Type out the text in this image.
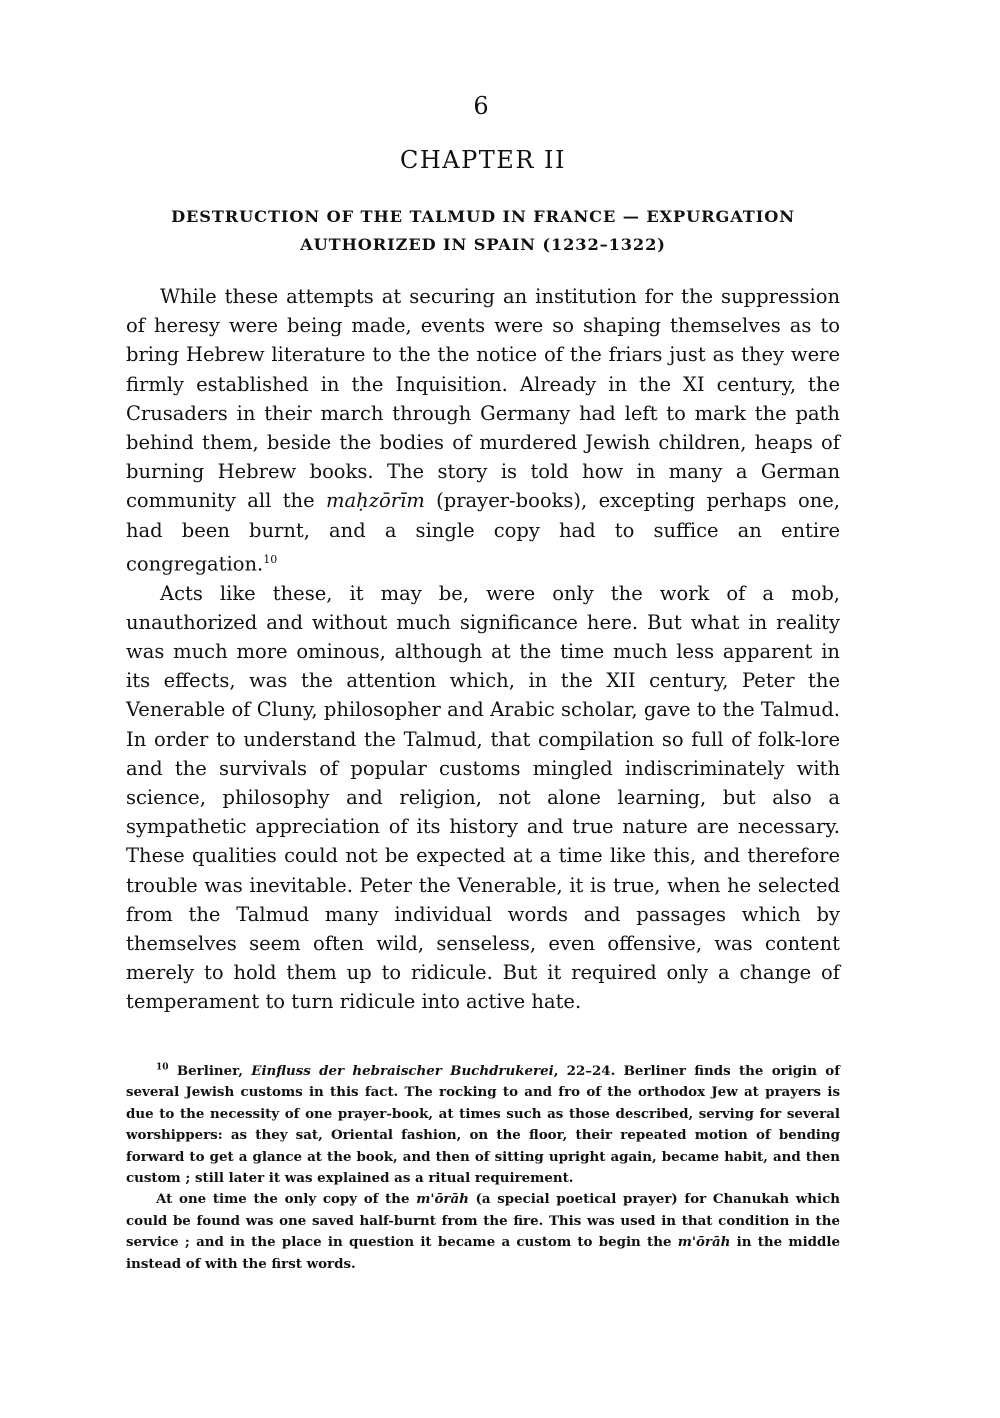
6
CHAPTER II
DESTRUCTION OF THE TALMUD IN FRANCE — EXPURGATION AUTHORIZED IN SPAIN (1232–1322)

While these attempts at securing an institution for the suppression of heresy were being made, events were so shaping themselves as to bring Hebrew literature to the the notice of the friars just as they were firmly established in the Inquisition. Already in the XI century, the Crusaders in their march through Germany had left to mark the path behind them, beside the bodies of murdered Jewish children, heaps of burning Hebrew books. The story is told how in many a German community all the maḥzōrīm (prayer-books), excepting perhaps one, had been burnt, and a single copy had to suffice an entire congregation.$^{10}$

Acts like these, it may be, were only the work of a mob, unauthorized and without much significance here. But what in reality was much more ominous, although at the time much less apparent in its effects, was the attention which, in the XII century, Peter the Venerable of Cluny, philosopher and Arabic scholar, gave to the Talmud. In order to understand the Talmud, that compilation so full of folk-lore and the survivals of popular customs mingled indiscriminately with science, philosophy and religion, not alone learning, but also a sympathetic appreciation of its history and true nature are necessary. These qualities could not be expected at a time like this, and therefore trouble was inevitable. Peter the Venerable, it is true, when he selected from the Talmud many individual words and passages which by themselves seem often wild, senseless, even offensive, was content merely to hold them up to ridicule. But it required only a change of temperament to turn ridicule into active hate.

$^{10}$ Berliner, Einfluss der hebraischer Buchdrukerei, 22–24. Berliner finds the origin of several Jewish customs in this fact. The rocking to and fro of the orthodox Jew at prayers is due to the necessity of one prayer-book, at times such as those described, serving for several worshippers: as they sat, Oriental fashion, on the floor, their repeated motion of bending forward to get a glance at the book, and then of sitting upright again, became habit, and then custom ; still later it was explained as a ritual requirement.

At one time the only copy of the m'ōrāh (a special poetical prayer) for Chanukah which could be found was one saved half-burnt from the fire. This was used in that condition in the service ; and in the place in question it became a custom to begin the m'ōrāh in the middle instead of with the first words.
